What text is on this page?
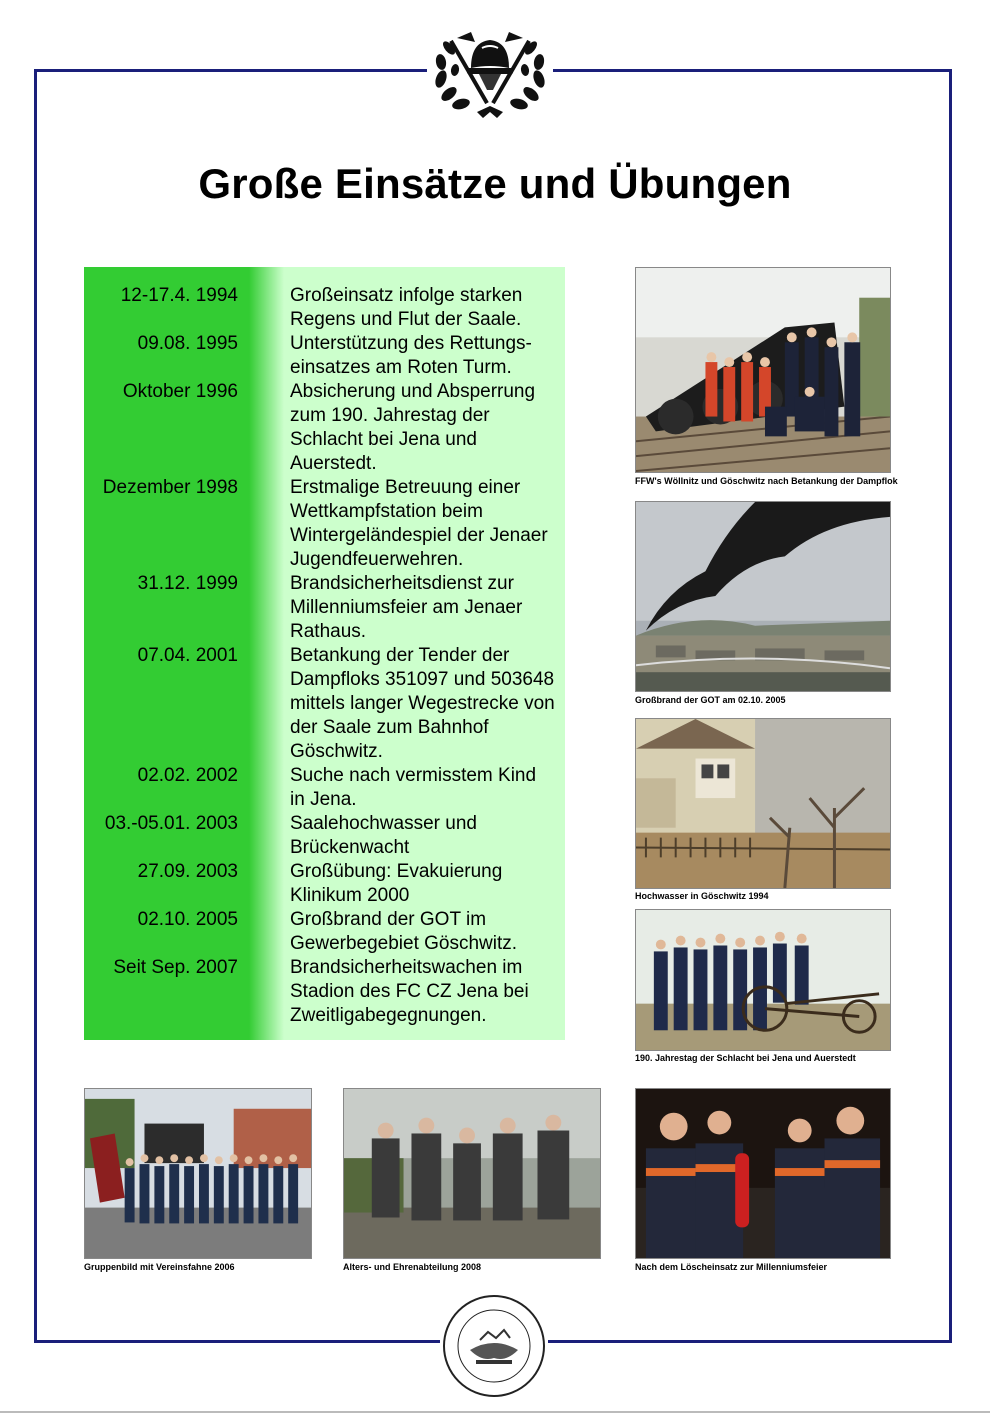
Große Einsätze und Übungen
12-17.4. 1994	Großeinsatz infolge starken Regens und Flut der Saale.
09.08. 1995	Unterstützung des Rettungs-einsatzes am Roten Turm.
Oktober 1996	Absicherung und Absperrung zum 190. Jahrestag der Schlacht bei Jena und Auerstedt.
Dezember 1998	Erstmalige Betreuung einer Wettkampfstation beim Wintergeländespiel der Jenaer Jugendfeuerwehren.
31.12. 1999	Brandsicherheitsdienst zur Millenniumsfeier am Jenaer Rathaus.
07.04. 2001	Betankung der Tender der Dampfloks 351097 und 503648 mittels langer Wegestrecke von der Saale zum Bahnhof Göschwitz.
02.02. 2002	Suche nach vermisstem Kind in Jena.
03.-05.01. 2003	Saalehochwasser und Brückenwacht
27.09. 2003	Großübung: Evakuierung Klinikum 2000
02.10. 2005	Großbrand der GOT im Gewerbegebiet Göschwitz.
Seit Sep. 2007	Brandsicherheitswachen im Stadion des FC CZ Jena bei Zweitligabegegnungen.
FFW's Wöllnitz und Göschwitz nach Betankung der Dampflok
Großbrand der GOT am 02.10. 2005
Hochwasser in Göschwitz 1994
190. Jahrestag der Schlacht bei Jena und Auerstedt
Gruppenbild mit Vereinsfahne 2006	Alters- und Ehrenabteilung 2008	Nach dem Löscheinsatz zur Millenniumsfeier
